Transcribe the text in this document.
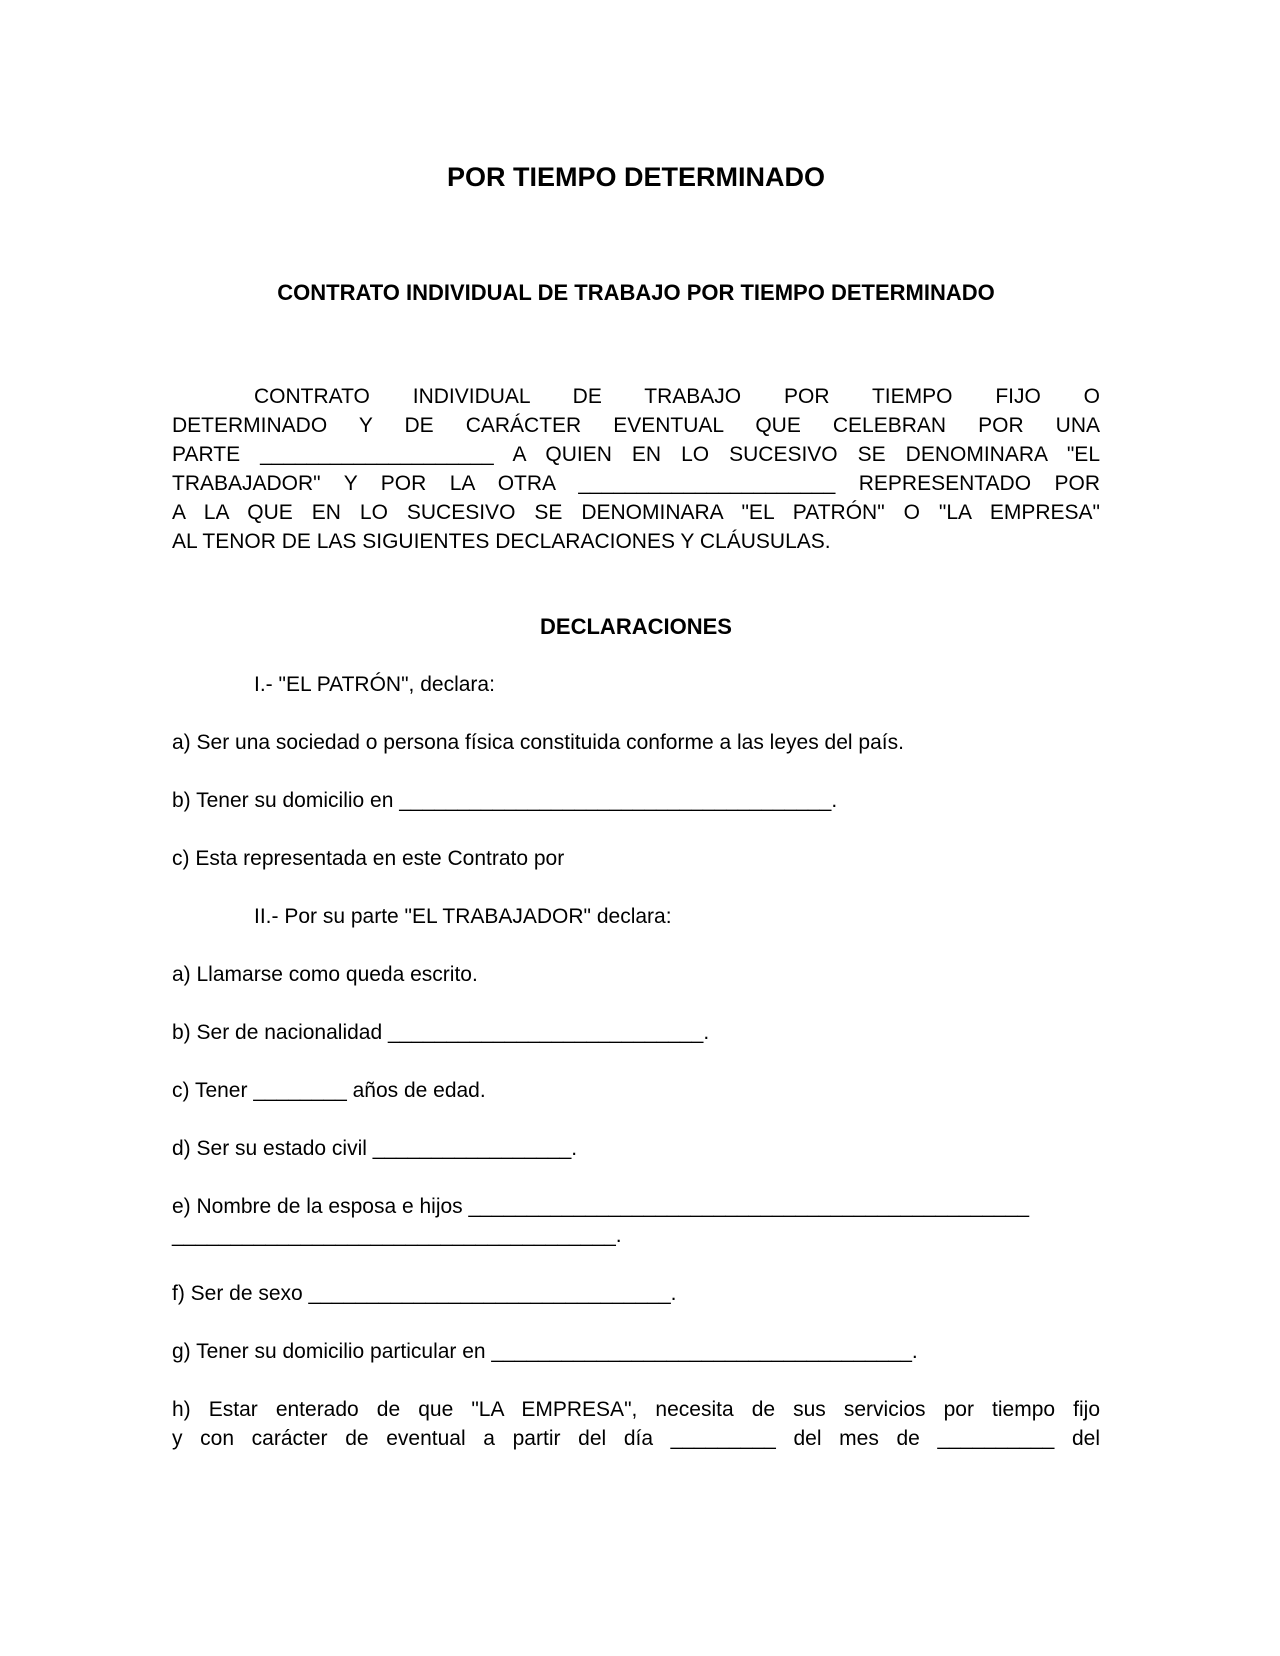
POR TIEMPO DETERMINADO
CONTRATO INDIVIDUAL DE TRABAJO POR TIEMPO DETERMINADO
CONTRATO INDIVIDUAL DE TRABAJO POR TIEMPO FIJO O
DETERMINADO Y DE CARÁCTER EVENTUAL QUE CELEBRAN POR UNA
PARTE ____________________ A QUIEN EN LO SUCESIVO SE DENOMINARA "EL
TRABAJADOR" Y POR LA OTRA ______________________ REPRESENTADO POR
A LA QUE EN LO SUCESIVO SE DENOMINARA "EL PATRÓN" O "LA EMPRESA"
AL TENOR DE LAS SIGUIENTES DECLARACIONES Y CLÁUSULAS.
DECLARACIONES

I.- "EL PATRÓN", declara:

a) Ser una sociedad o persona física constituida conforme a las leyes del país.

b) Tener su domicilio en _____________________________________.

c) Esta representada en este Contrato por

II.- Por su parte "EL TRABAJADOR" declara:

a) Llamarse como queda escrito.

b) Ser de nacionalidad ___________________________.

c) Tener ________ años de edad.

d) Ser su estado civil _________________.

e) Nombre de la esposa e hijos ________________________________________________
______________________________________.

f) Ser de sexo _______________________________.

g) Tener su domicilio particular en ____________________________________.

h) Estar enterado de que "LA EMPRESA", necesita de sus servicios por tiempo fijo
y con carácter de eventual a partir del día _________ del mes de __________ del
